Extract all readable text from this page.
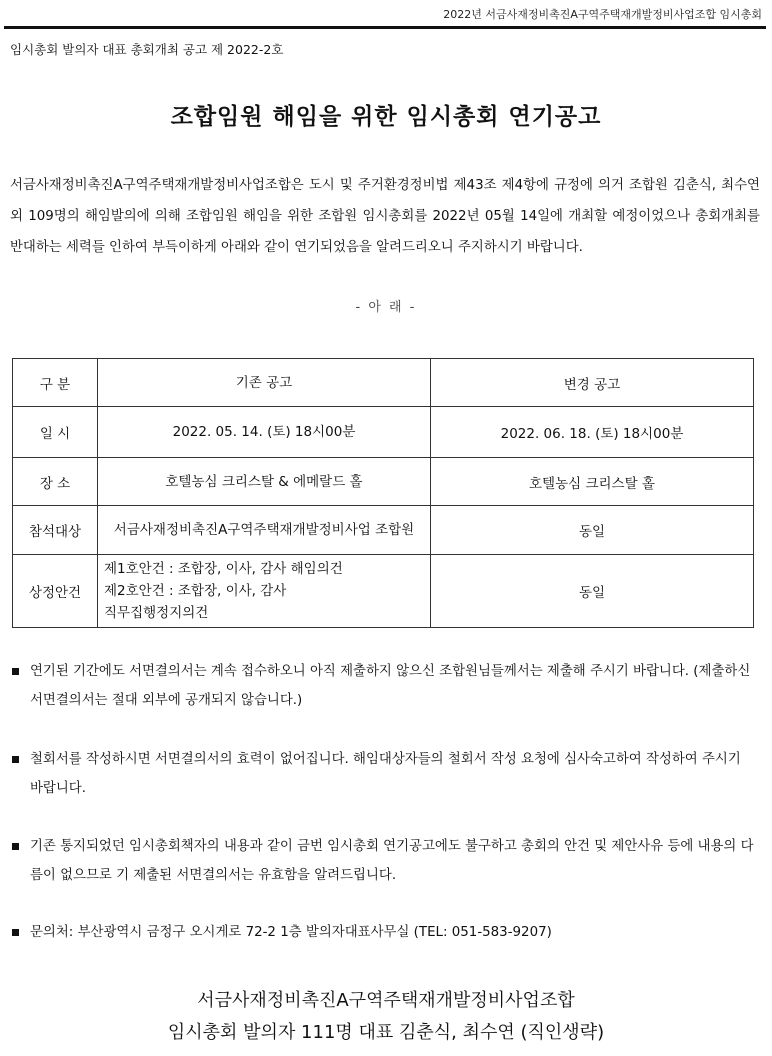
2022년 서금사재정비촉진A구역주택재개발정비사업조합 임시총회
임시총회 발의자 대표 총회개최 공고 제 2022-2호
조합임원 해임을 위한 임시총회 연기공고
서금사재정비촉진A구역주택재개발정비사업조합은 도시 및 주거환경정비법 제43조 제4항에 규정에 의거 조합원 김춘식, 최수연 외 109명의 해임발의에 의해 조합임원 해임을 위한 조합원 임시총회를 2022년 05월 14일에 개최할 예정이었으나 총회개최를 반대하는 세력들 인하여 부득이하게 아래와 같이 연기되었음을 알려드리오니 주지하시기 바랍니다.
- 아 래 -
구 분	기존 공고	변경 공고
일 시	2022. 05. 14. (토) 18시00분	2022. 06. 18. (토) 18시00분
장 소	호텔농심 크리스탈 & 에메랄드 홀	호텔농심 크리스탈 홀
참석대상	서금사재정비촉진A구역주택재개발정비사업 조합원	동일
상정안건	제1호안건 : 조합장, 이사, 감사 해임의건
제2호안건 : 조합장, 이사, 감사
직무집행정지의건	동일
연기된 기간에도 서면결의서는 계속 접수하오니 아직 제출하지 않으신 조합원님들께서는 제출해 주시기 바랍니다. (제출하신 서면결의서는 절대 외부에 공개되지 않습니다.)
철회서를 작성하시면 서면결의서의 효력이 없어집니다. 해임대상자들의 철회서 작성 요청에 심사숙고하여 작성하여 주시기 바랍니다.
기존 통지되었던 임시총회책자의 내용과 같이 금번 임시총회 연기공고에도 불구하고 총회의 안건 및 제안사유 등에 내용의 다름이 없으므로 기 제출된 서면결의서는 유효함을 알려드립니다.
문의처: 부산광역시 금정구 오시게로 72-2 1층 발의자대표사무실 (TEL: 051-583-9207)
서금사재정비촉진A구역주택재개발정비사업조합
임시총회 발의자 111명 대표 김춘식, 최수연 (직인생략)
